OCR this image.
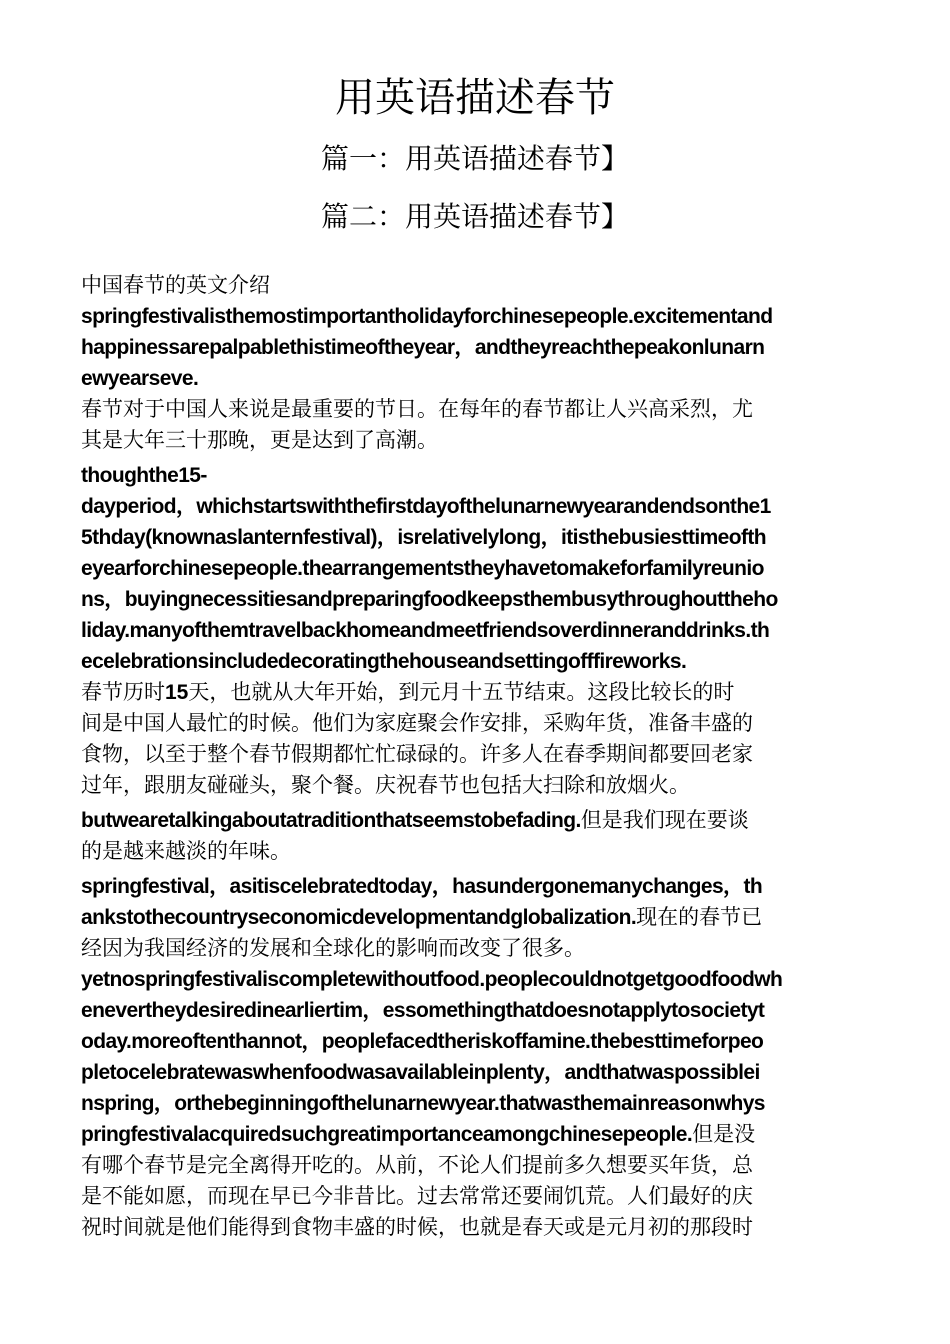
用英语描述春节
篇一：用英语描述春节】
篇二：用英语描述春节】
中国春节的英文介绍
springfestivalisthemostimportantholidayforchinesepeople.excitementand
happinessarepalpablethistimeoftheyear，andtheyreachthepeakonlunarn
ewyearseve.
春节对于中国人来说是最重要的节日。在每年的春节都让人兴高采烈，尤
其是大年三十那晚，更是达到了高潮。
thoughthe15-
dayperiod，whichstartswiththefirstdayofthelunarnewyearandendsonthe1
5thday(knownaslanternfestival)，isrelativelylong，itisthebusiesttimeofth
eyearforchinesepeople.thearrangementstheyhavetomakeforfamilyreunio
ns，buyingnecessitiesandpreparingfoodkeepsthembusythroughouttheho
liday.manyofthemtravelbackhomeandmeetfriendsoverdinneranddrinks.th
ecelebrationsincludedecoratingthehouseandsettingofffireworks.
春节历时15天，也就从大年开始，到元月十五节结束。这段比较长的时
间是中国人最忙的时候。他们为家庭聚会作安排，采购年货，准备丰盛的
食物，以至于整个春节假期都忙忙碌碌的。许多人在春季期间都要回老家
过年，跟朋友碰碰头，聚个餐。庆祝春节也包括大扫除和放烟火。
butwearetalkingaboutatraditionthatseemstobefading.但是我们现在要谈
的是越来越淡的年味。
springfestival，asitiscelebratedtoday，hasundergonemanychanges，th
ankstothecountryseconomicdevelopmentandglobalization.现在的春节已
经因为我国经济的发展和全球化的影响而改变了很多。
yetnospringfestivaliscompletewithoutfood.peoplecouldnotgetgoodfoodwh
enevertheydesiredinearliertim，essomethingthatdoesnotapplytosocietyt
oday.moreoftenthannot，peoplefacedtheriskoffamine.thebesttimeforpeo
pletocelebratewaswhenfoodwasavailableinplenty，andthatwaspossiblei
nspring，orthebeginningofthelunarnewyear.thatwasthemainreasonwhys
pringfestivalacquiredsuchgreatimportanceamongchinesepeople.但是没
有哪个春节是完全离得开吃的。从前，不论人们提前多久想要买年货，总
是不能如愿，而现在早已今非昔比。过去常常还要闹饥荒。人们最好的庆
祝时间就是他们能得到食物丰盛的时候，也就是春天或是元月初的那段时
